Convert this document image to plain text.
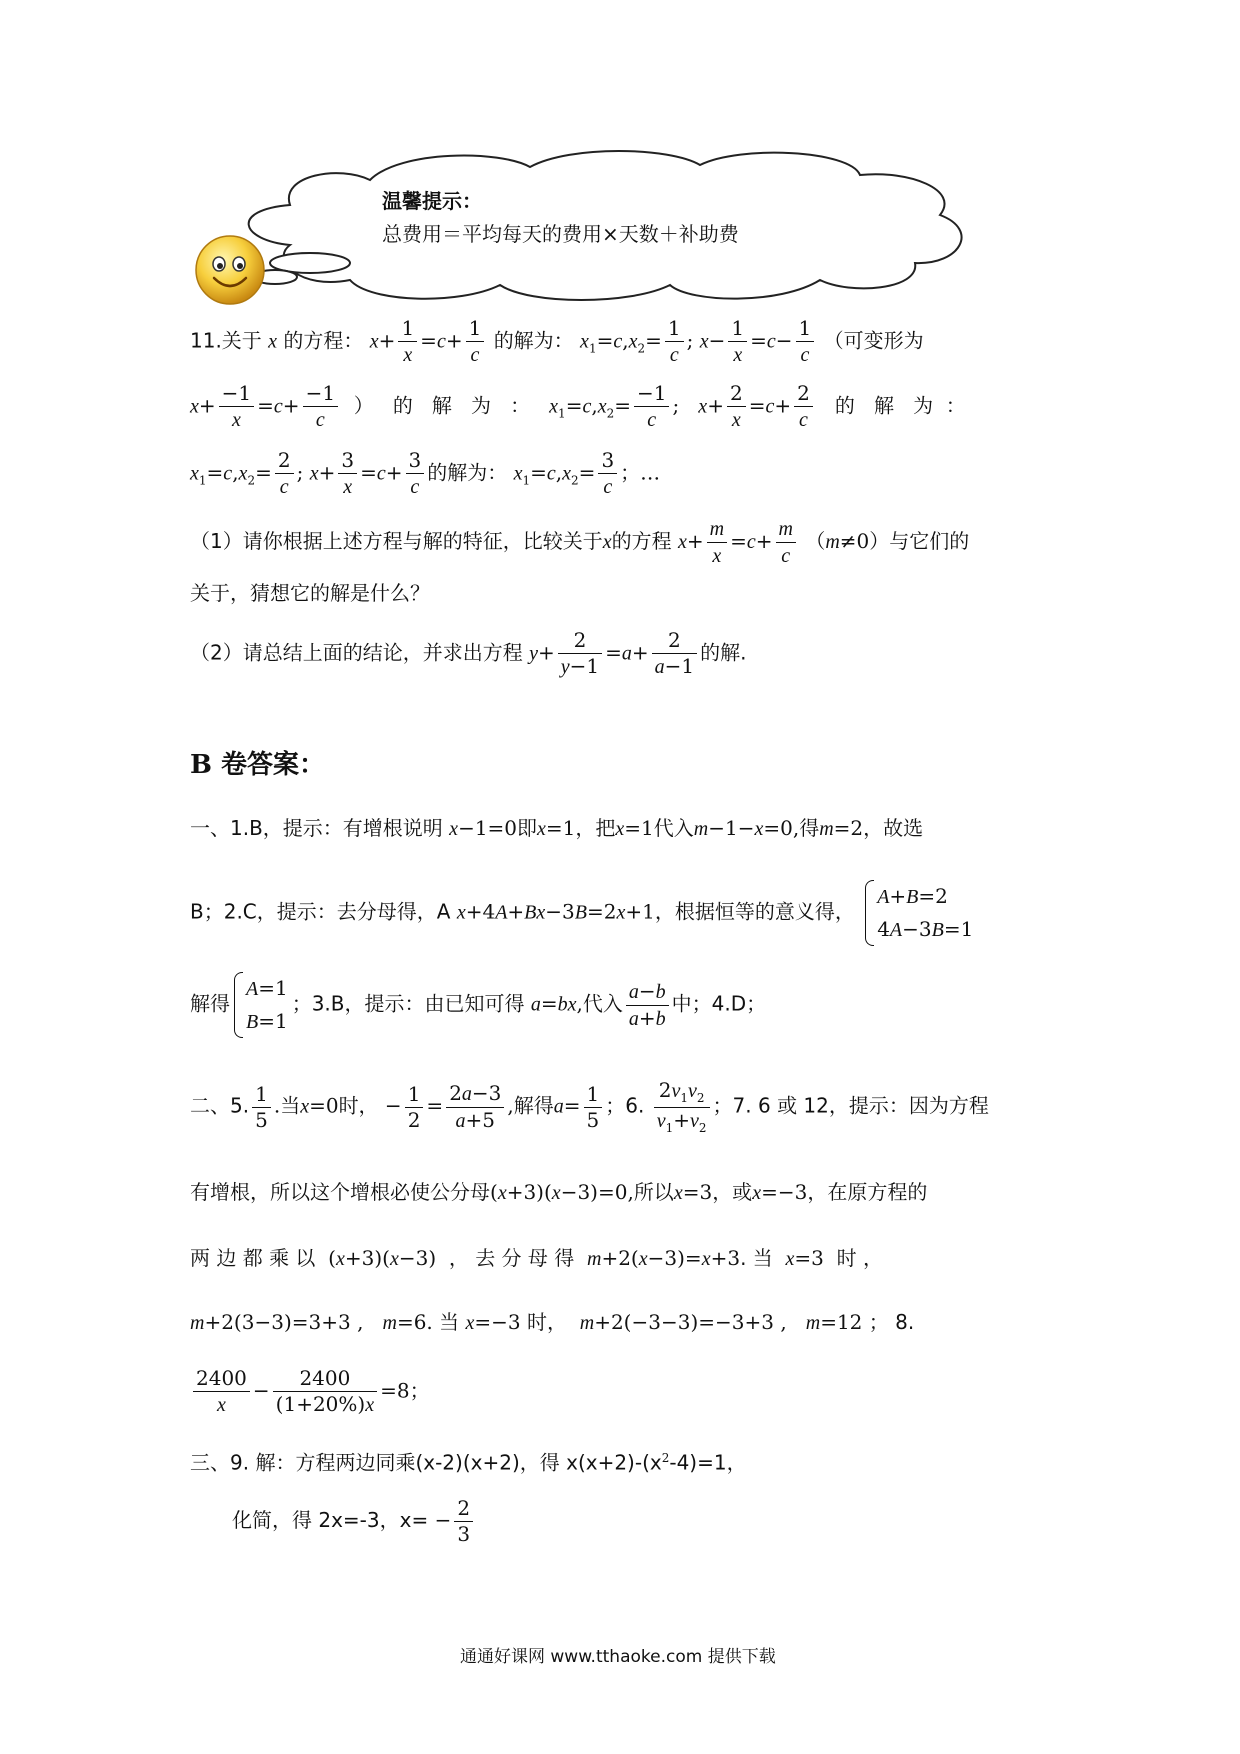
温馨提示：
总费用＝平均每天的费用×天数＋补助费
11.关于 x 的方程： $x+ \frac{1}{x} =c+ \frac{1}{c}$ 的解为： $x_1=c,x_2= \frac{1}{c}$ ; $x- \frac{1}{x} =c- \frac{1}{c}$ （可变形为
$x+ \frac{-1}{x} =c+ \frac{-1}{c}$ ） 的 解 为 ： $x_1=c,x_2= \frac{-1}{c}$ ;   $x+ \frac{2}{x} =c+ \frac{2}{c}$ 的 解 为 ：
$x_1=c,x_2= \frac{2}{c}$ ; $x+ \frac{3}{x} =c+ \frac{3}{c}$ 的解为： $x_1=c,x_2= \frac{3}{c}$ ；…
（1）请你根据上述方程与解的特征，比较关于x的方程 $x+ \frac{m}{x} =c+ \frac{m}{c} (m\ne 0)$与它们的
关于，猜想它的解是什么？
（2）请总结上面的结论，并求出方程 $y+ \frac{2}{y-1} =a+ \frac{2}{a-1}$ 的解.
B 卷答案：
一、1.B，提示：有增根说明 x−1=0即x=1，把x=1代入m−1−x=0,得m=2，故选
B；2.C，提示：去分母得，A x+4A+Bx−3B=2x+1，根据恒等的意义得，
A+B=2
4A−3B=1
解得
A=1
B=1
；3.B，提示：由已知可得 a=bx,代入 $\frac{a-b}{a+b}$ 中；4.D；
二、5. $\frac{1}{5}$ .当x=0时， − $\frac{1}{2} = \frac{2a-3}{a+5}$ ,解得$a= \frac{1}{5}$ ；6. $\frac{2v_1v_2}{v_1+v_2}$ ；7. 6 或 12，提示：因为方程
有增根，所以这个增根必使公分母(x+3)(x−3)=0,所以x=3，或x=−3，在原方程的
两 边 都 乘 以  (x+3)(x−3)  ， 去 分 母 得 m+2(x−3)=x+3. 当 x=3  时 ，
m+2(3−3)=3+3 ,   m=6. 当 x=−3 时， m+2(−3−3)=−3+3 ,   m=12 ； 8.
$\frac{2400}{x} - \frac{2400}{(1+20\%)x} =8$；
三、9. 解：方程两边同乘(x-2)(x+2)，得 $x(x+2)-(x^2-4)=1$，
化简，得 2x=-3，$x= - \frac{2}{3}$
通通好课网 www.tthaoke.com 提供下载
